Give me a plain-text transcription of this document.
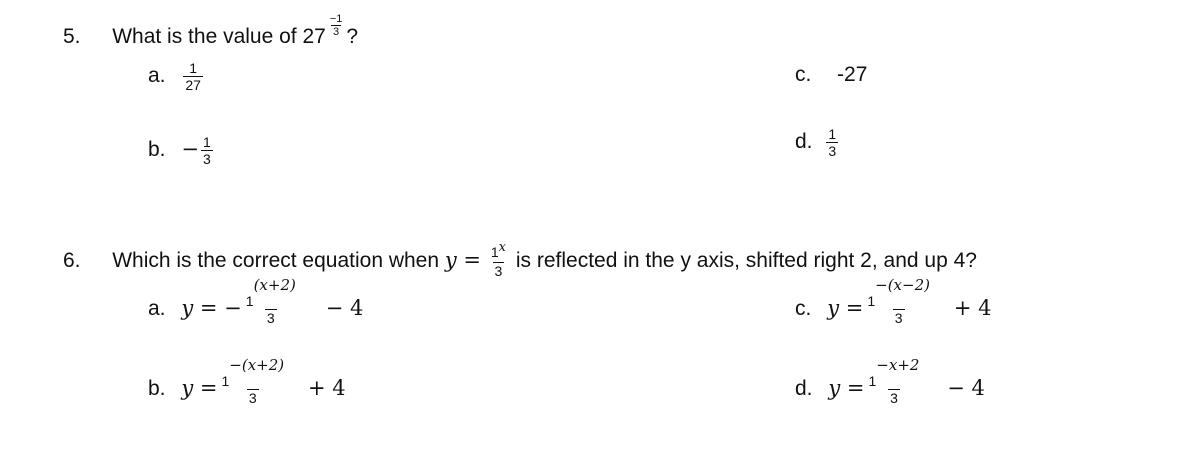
5. What is the value of $27 \frac{-1}{3}$ ?
a. $\frac{1}{27}$
b. − $\frac{1}{3}$
c. -27
d. $\frac{1}{3}$
6. Which is the correct equation when $y = \frac{1x}{3}$ is reflected in the y axis, shifted right 2, and up 4?
a. y = − $\frac{1(x+2)}{3} - 4$
b. $y = \frac{1-(x+2)}{3} + 4$
c. $y = \frac{1-(x-2)}{3} + 4$
d. $y = \frac{1-x+2}{3} - 4$
